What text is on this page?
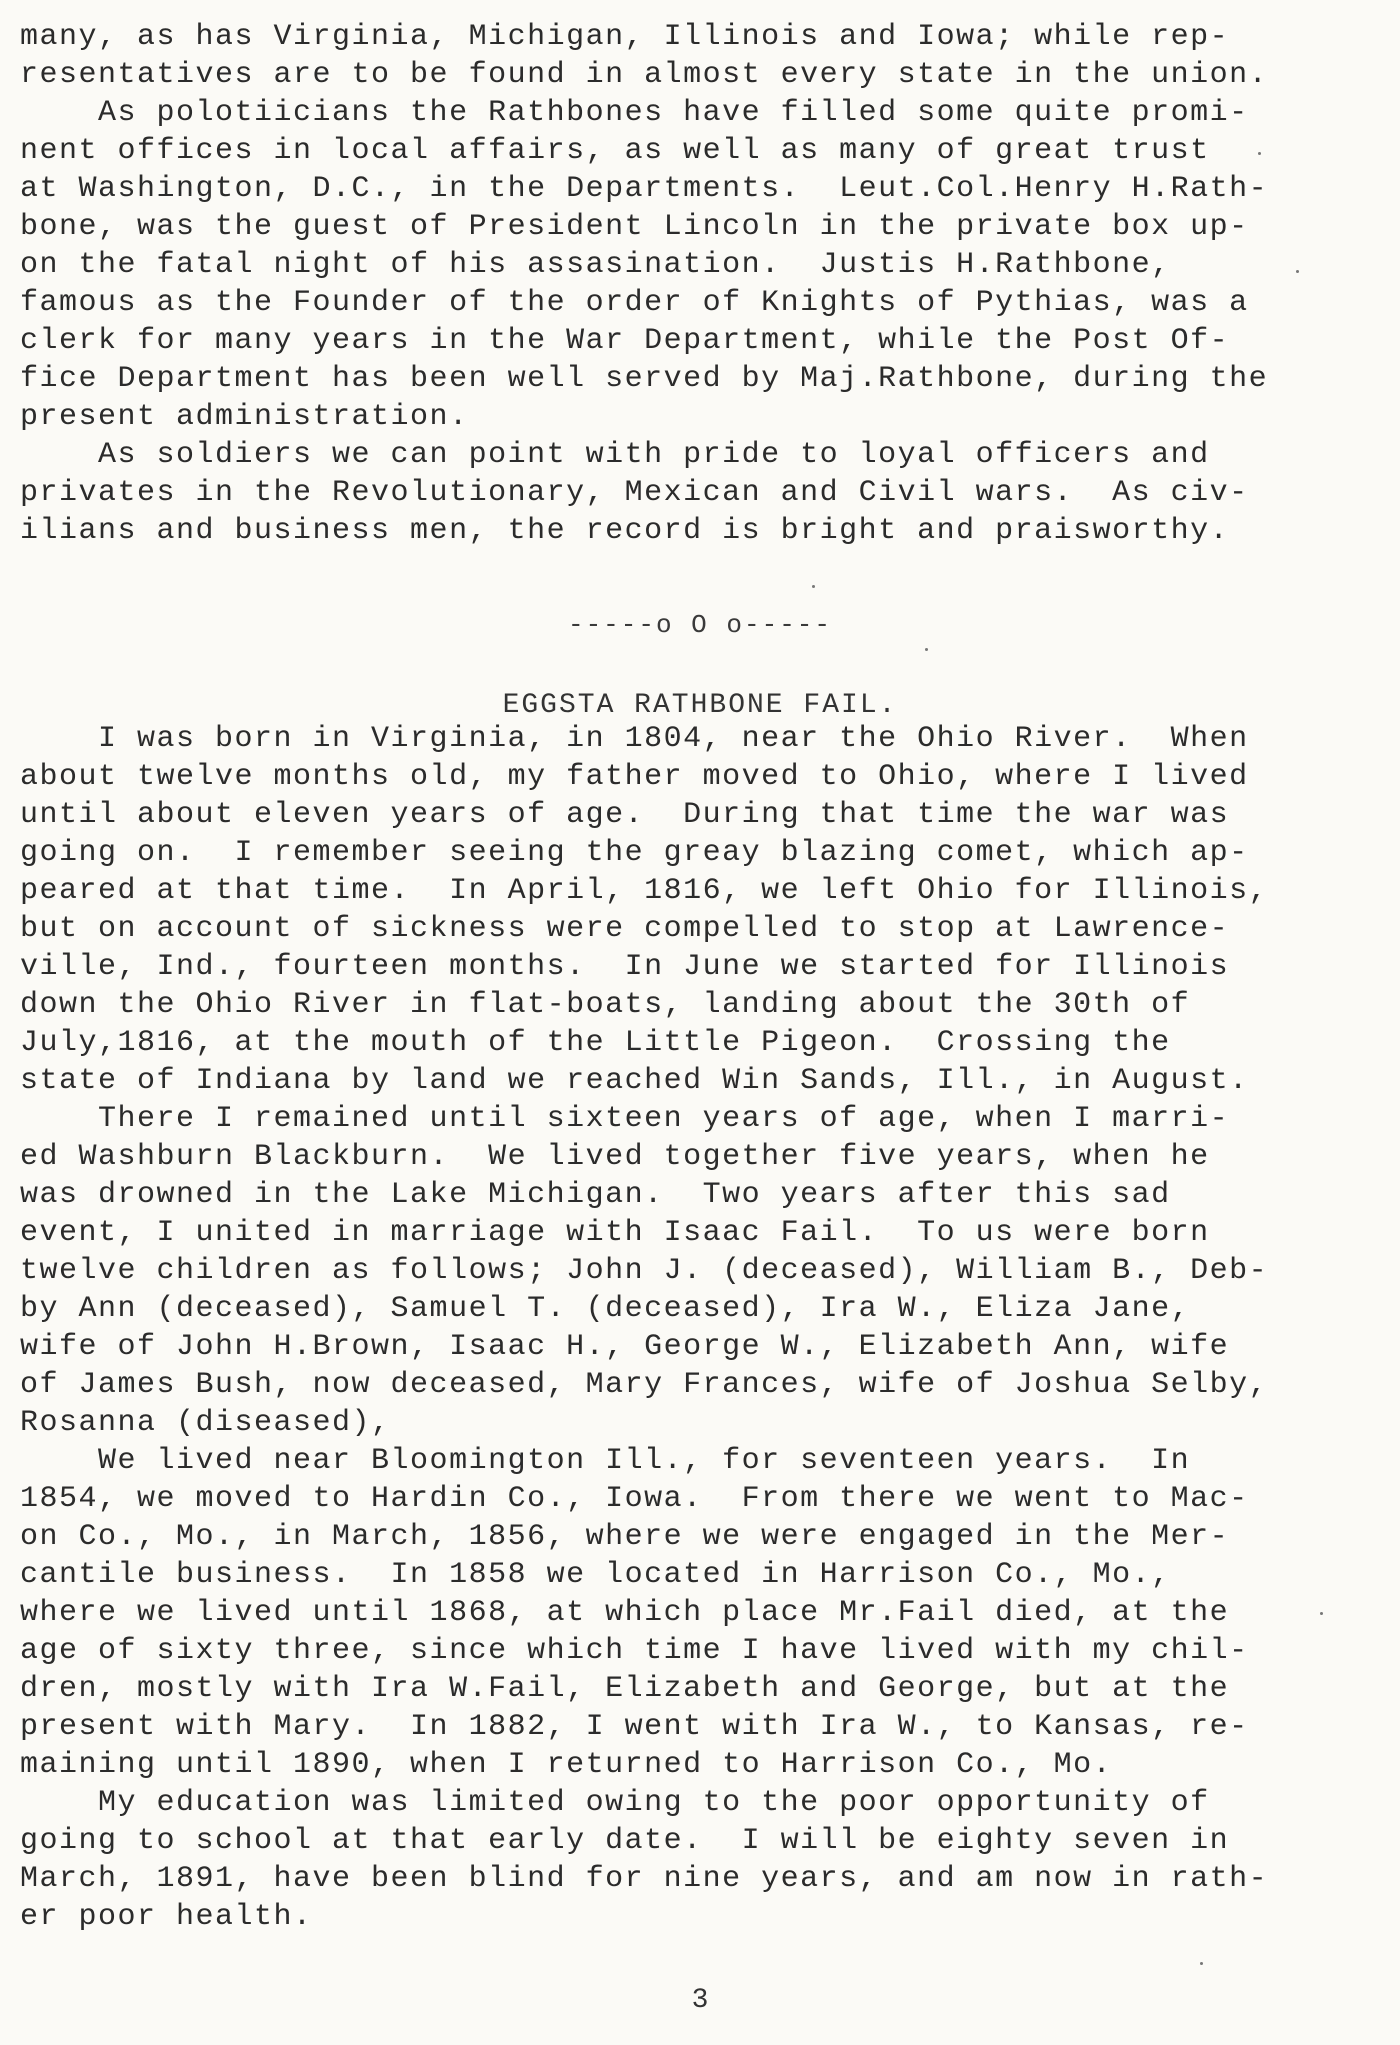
many, as has Virginia, Michigan, Illinois and Iowa; while rep-
resentatives are to be found in almost every state in the union.
As polotiicians the Rathbones have filled some quite promi-
nent offices in local affairs, as well as many of great trust
at Washington, D.C., in the Departments.  Leut.Col.Henry H.Rath-
bone, was the guest of President Lincoln in the private box up-
on the fatal night of his assasination.  Justis H.Rathbone,
famous as the Founder of the order of Knights of Pythias, was a
clerk for many years in the War Department, while the Post Of-
fice Department has been well served by Maj.Rathbone, during the
present administration.
As soldiers we can point with pride to loyal officers and
privates in the Revolutionary, Mexican and Civil wars.  As civ-
ilians and business men, the record is bright and praisworthy.
-----o O o-----
EGGSTA RATHBONE FAIL.
I was born in Virginia, in 1804, near the Ohio River.  When
about twelve months old, my father moved to Ohio, where I lived
until about eleven years of age.  During that time the war was
going on.  I remember seeing the greay blazing comet, which ap-
peared at that time.  In April, 1816, we left Ohio for Illinois,
but on account of sickness were compelled to stop at Lawrence-
ville, Ind., fourteen months.  In June we started for Illinois
down the Ohio River in flat-boats, landing about the 30th of
July,1816, at the mouth of the Little Pigeon.  Crossing the
state of Indiana by land we reached Win Sands, Ill., in August.
There I remained until sixteen years of age, when I marri-
ed Washburn Blackburn.  We lived together five years, when he
was drowned in the Lake Michigan.  Two years after this sad
event, I united in marriage with Isaac Fail.  To us were born
twelve children as follows; John J. (deceased), William B., Deb-
by Ann (deceased), Samuel T. (deceased), Ira W., Eliza Jane,
wife of John H.Brown, Isaac H., George W., Elizabeth Ann, wife
of James Bush, now deceased, Mary Frances, wife of Joshua Selby,
Rosanna (diseased),
We lived near Bloomington Ill., for seventeen years.  In
1854, we moved to Hardin Co., Iowa.  From there we went to Mac-
on Co., Mo., in March, 1856, where we were engaged in the Mer-
cantile business.  In 1858 we located in Harrison Co., Mo.,
where we lived until 1868, at which place Mr.Fail died, at the
age of sixty three, since which time I have lived with my chil-
dren, mostly with Ira W.Fail, Elizabeth and George, but at the
present with Mary.  In 1882, I went with Ira W., to Kansas, re-
maining until 1890, when I returned to Harrison Co., Mo.
My education was limited owing to the poor opportunity of
going to school at that early date.  I will be eighty seven in
March, 1891, have been blind for nine years, and am now in rath-
er poor health.
3
